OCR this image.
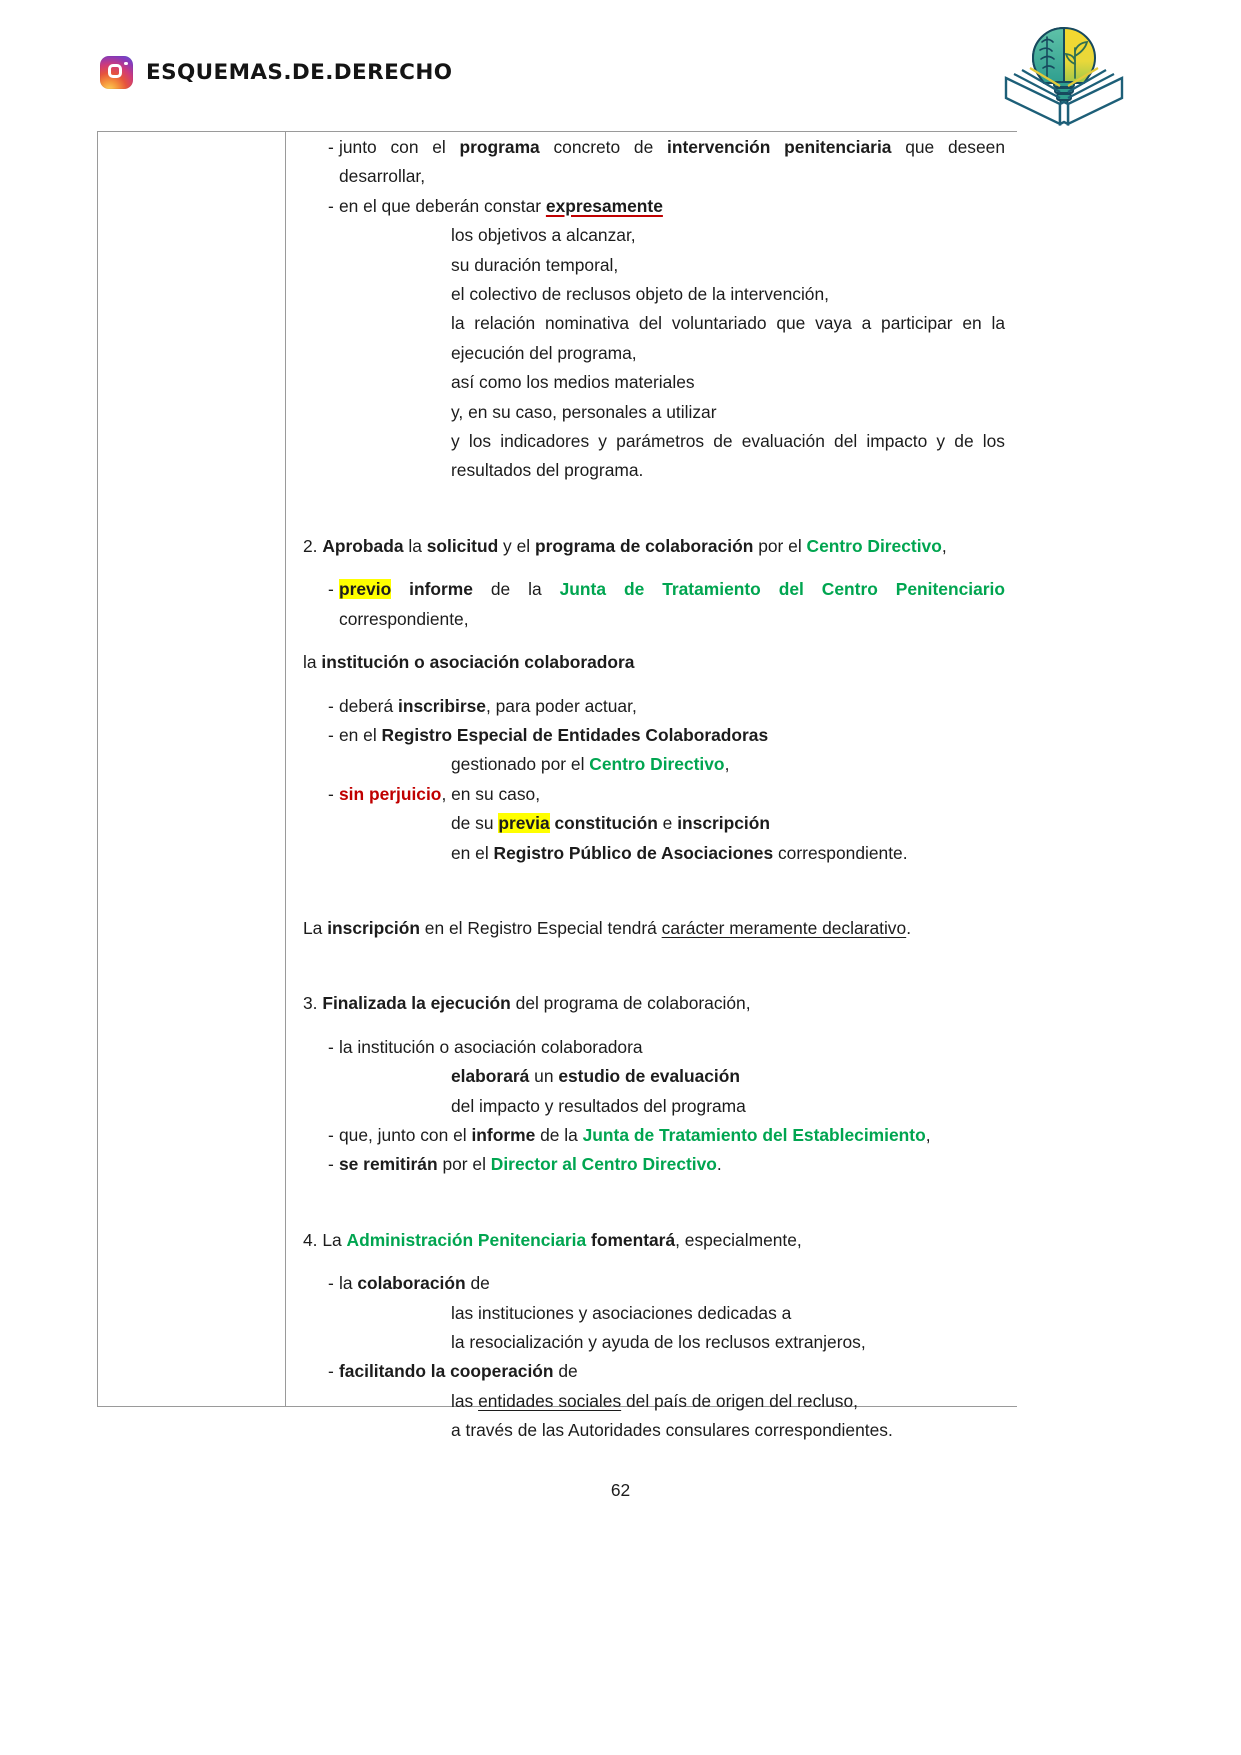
ESQUEMAS.DE.DERECHO
- junto con el programa concreto de intervención penitenciaria que deseen desarrollar,
- en el que deberán constar expresamente
los objetivos a alcanzar,
su duración temporal,
el colectivo de reclusos objeto de la intervención,
la relación nominativa del voluntariado que vaya a participar en la ejecución del programa,
así como los medios materiales
y, en su caso, personales a utilizar
y los indicadores y parámetros de evaluación del impacto y de los resultados del programa.

2. Aprobada la solicitud y el programa de colaboración por el Centro Directivo,

- previo informe de la Junta de Tratamiento del Centro Penitenciario correspondiente,

la institución o asociación colaboradora

- deberá inscribirse, para poder actuar,
- en el Registro Especial de Entidades Colaboradoras
gestionado por el Centro Directivo,
- sin perjuicio, en su caso,
de su previa constitución e inscripción
en el Registro Público de Asociaciones correspondiente.

La inscripción en el Registro Especial tendrá carácter meramente declarativo.

3. Finalizada la ejecución del programa de colaboración,

- la institución o asociación colaboradora
elaborará un estudio de evaluación
del impacto y resultados del programa
- que, junto con el informe de la Junta de Tratamiento del Establecimiento,
- se remitirán por el Director al Centro Directivo.

4. La Administración Penitenciaria fomentará, especialmente,

- la colaboración de
las instituciones y asociaciones dedicadas a
la resocialización y ayuda de los reclusos extranjeros,
- facilitando la cooperación de
las entidades sociales del país de origen del recluso,
a través de las Autoridades consulares correspondientes.
62
